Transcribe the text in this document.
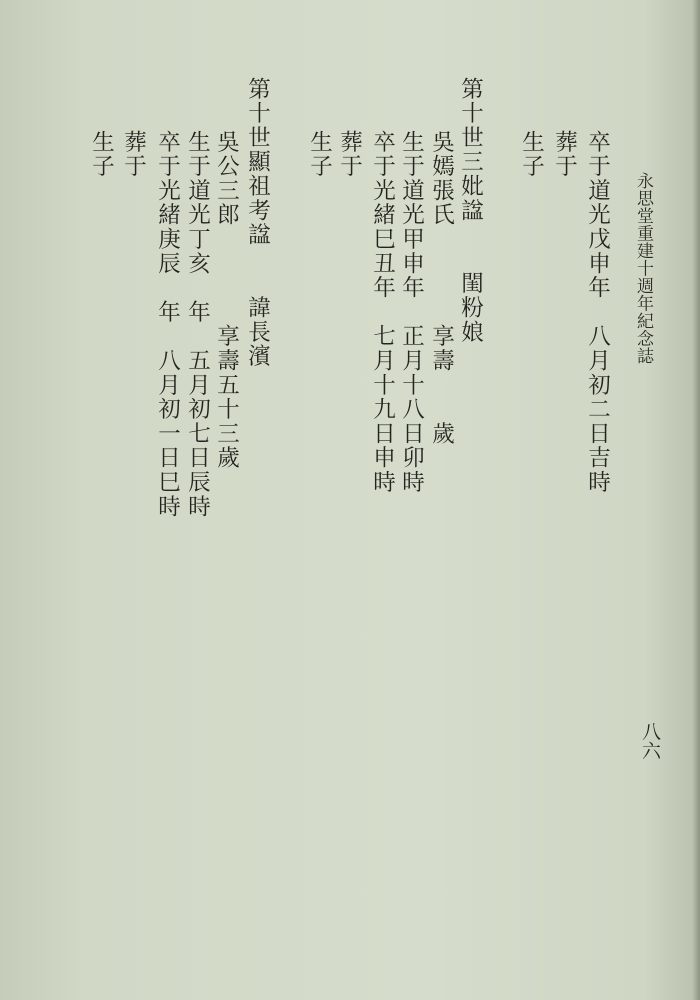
永思堂重建十週年紀念誌
卒于道光戊申年　八月初二日吉時
葬于
生子
第十世三妣諡　　閨粉娘
吳嫣張氏　　　　享壽　　歲
生于道光甲申年　正月十八日卯時
卒于光緒巳丑年　七月十九日申時
葬于
生子
第十世顯祖考諡　　諱長濱
吳公三郎　　　　享壽五十三歲
生于道光丁亥　年　五月初七日辰時
卒于光緒庚辰　年　八月初一日巳時
葬于
生子
八六
